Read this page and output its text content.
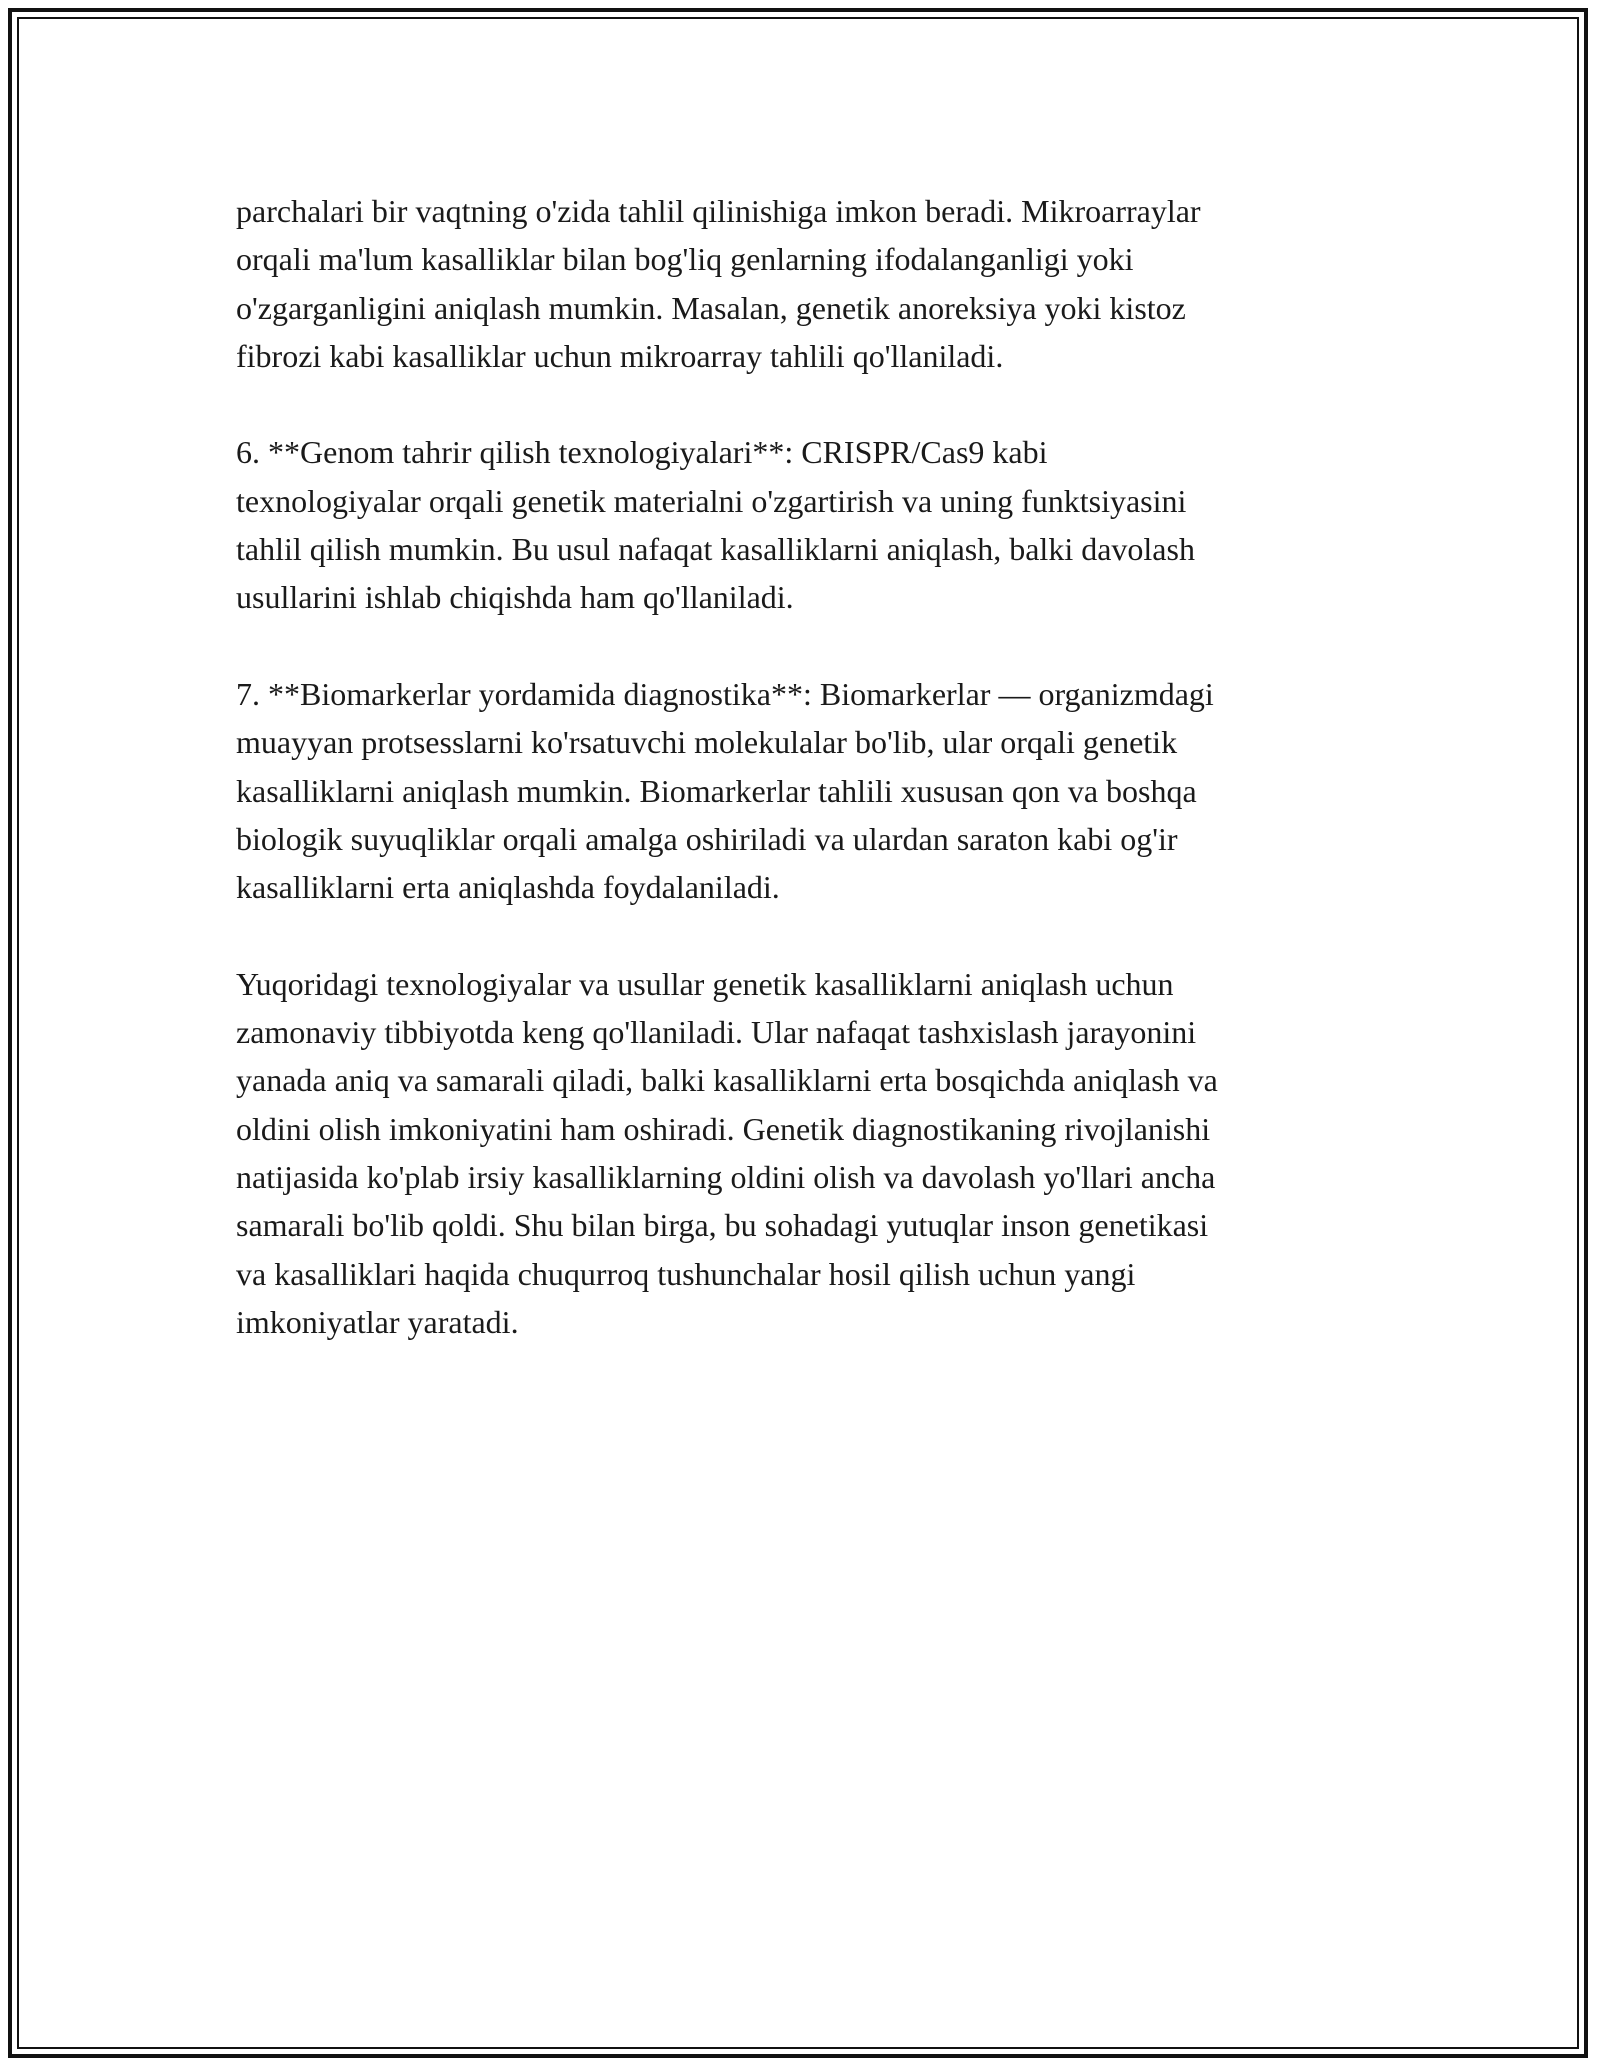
parchalari bir vaqtning o'zida tahlil qilinishiga imkon beradi. Mikroarraylar
orqali ma'lum kasalliklar bilan bog'liq genlarning ifodalanganligi yoki
o'zgarganligini aniqlash mumkin. Masalan, genetik anoreksiya yoki kistoz
fibrozi kabi kasalliklar uchun mikroarray tahlili qo'llaniladi.

6. **Genom tahrir qilish texnologiyalari**: CRISPR/Cas9 kabi
texnologiyalar orqali genetik materialni o'zgartirish va uning funktsiyasini
tahlil qilish mumkin. Bu usul nafaqat kasalliklarni aniqlash, balki davolash
usullarini ishlab chiqishda ham qo'llaniladi.

7. **Biomarkerlar yordamida diagnostika**: Biomarkerlar — organizmdagi
muayyan protsesslarni ko'rsatuvchi molekulalar bo'lib, ular orqali genetik
kasalliklarni aniqlash mumkin. Biomarkerlar tahlili xususan qon va boshqa
biologik suyuqliklar orqali amalga oshiriladi va ulardan saraton kabi og'ir
kasalliklarni erta aniqlashda foydalaniladi.

Yuqoridagi texnologiyalar va usullar genetik kasalliklarni aniqlash uchun
zamonaviy tibbiyotda keng qo'llaniladi. Ular nafaqat tashxislash jarayonini
yanada aniq va samarali qiladi, balki kasalliklarni erta bosqichda aniqlash va
oldini olish imkoniyatini ham oshiradi. Genetik diagnostikaning rivojlanishi
natijasida ko'plab irsiy kasalliklarning oldini olish va davolash yo'llari ancha
samarali bo'lib qoldi. Shu bilan birga, bu sohadagi yutuqlar inson genetikasi
va kasalliklari haqida chuqurroq tushunchalar hosil qilish uchun yangi
imkoniyatlar yaratadi.
